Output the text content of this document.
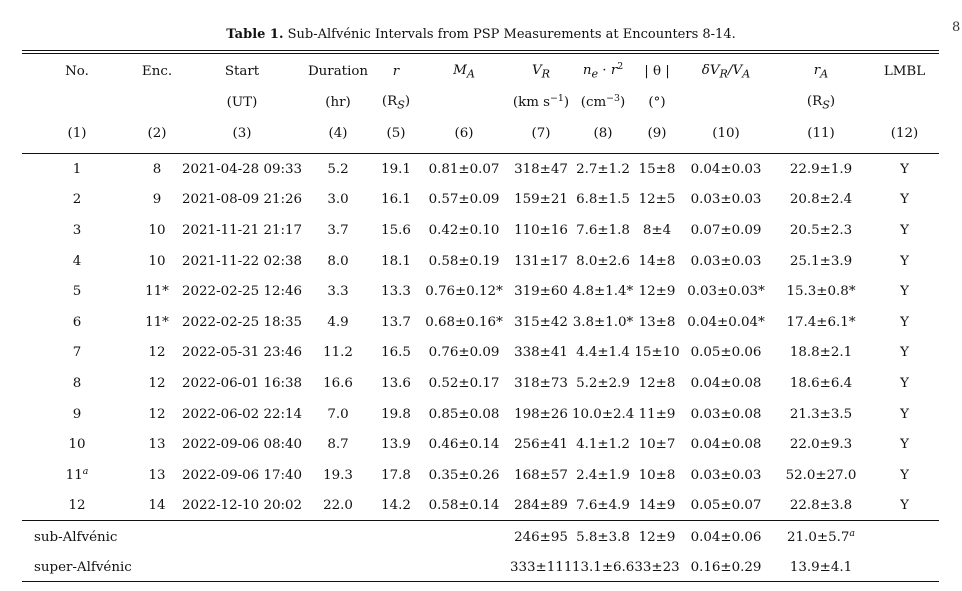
Table 1. Sub-Alfvénic Intervals from PSP Measurements at Encounters 8-14.	8
No.	Enc.	Start	Duration	r	$M_A$	$V_R$	$n_e \cdot r^2$	| θ |	$\delta V_R/V_A$	$r_A$	LMBL
		(UT)	(hr)	$(R_S)$		(km $s^{-1}$)	$(cm^{-3})$	(°)		$(R_S)$	
(1)	(2)	(3)	(4)	(5)	(6)	(7)	(8)	(9)	(10)	(11)	(12)
1	8	2021-04-28 09:33	5.2	19.1	0.81±0.07	318±47	2.7±1.2	15±8	0.04±0.03	22.9±1.9	Y
2	9	2021-08-09 21:26	3.0	16.1	0.57±0.09	159±21	6.8±1.5	12±5	0.03±0.03	20.8±2.4	Y
3	10	2021-11-21 21:17	3.7	15.6	0.42±0.10	110±16	7.6±1.8	8±4	0.07±0.09	20.5±2.3	Y
4	10	2021-11-22 02:38	8.0	18.1	0.58±0.19	131±17	8.0±2.6	14±8	0.03±0.03	25.1±3.9	Y
5	11*	2022-02-25 12:46	3.3	13.3	0.76±0.12*	319±60	4.8±1.4*	12±9	0.03±0.03*	15.3±0.8*	Y
6	11*	2022-02-25 18:35	4.9	13.7	0.68±0.16*	315±42	3.8±1.0*	13±8	0.04±0.04*	17.4±6.1*	Y
7	12	2022-05-31 23:46	11.2	16.5	0.76±0.09	338±41	4.4±1.4	15±10	0.05±0.06	18.8±2.1	Y
8	12	2022-06-01 16:38	16.6	13.6	0.52±0.17	318±73	5.2±2.9	12±8	0.04±0.08	18.6±6.4	Y
9	12	2022-06-02 22:14	7.0	19.8	0.85±0.08	198±26	10.0±2.4	11±9	0.03±0.08	21.3±3.5	Y
10	13	2022-09-06 08:40	8.7	13.9	0.46±0.14	256±41	4.1±1.2	10±7	0.04±0.08	22.0±9.3	Y
11$^a$	13	2022-09-06 17:40	19.3	17.8	0.35±0.26	168±57	2.4±1.9	10±8	0.03±0.03	52.0±27.0	Y
12	14	2022-12-10 20:02	22.0	14.2	0.58±0.14	284±89	7.6±4.9	14±9	0.05±0.07	22.8±3.8	Y
sub-Alfvénic						246±95	5.8±3.8	12±9	0.04±0.06	21.0±5.7$^a$	
super-Alfvénic						333±111	13.1±6.6	33±23	0.16±0.29	13.9±4.1	
